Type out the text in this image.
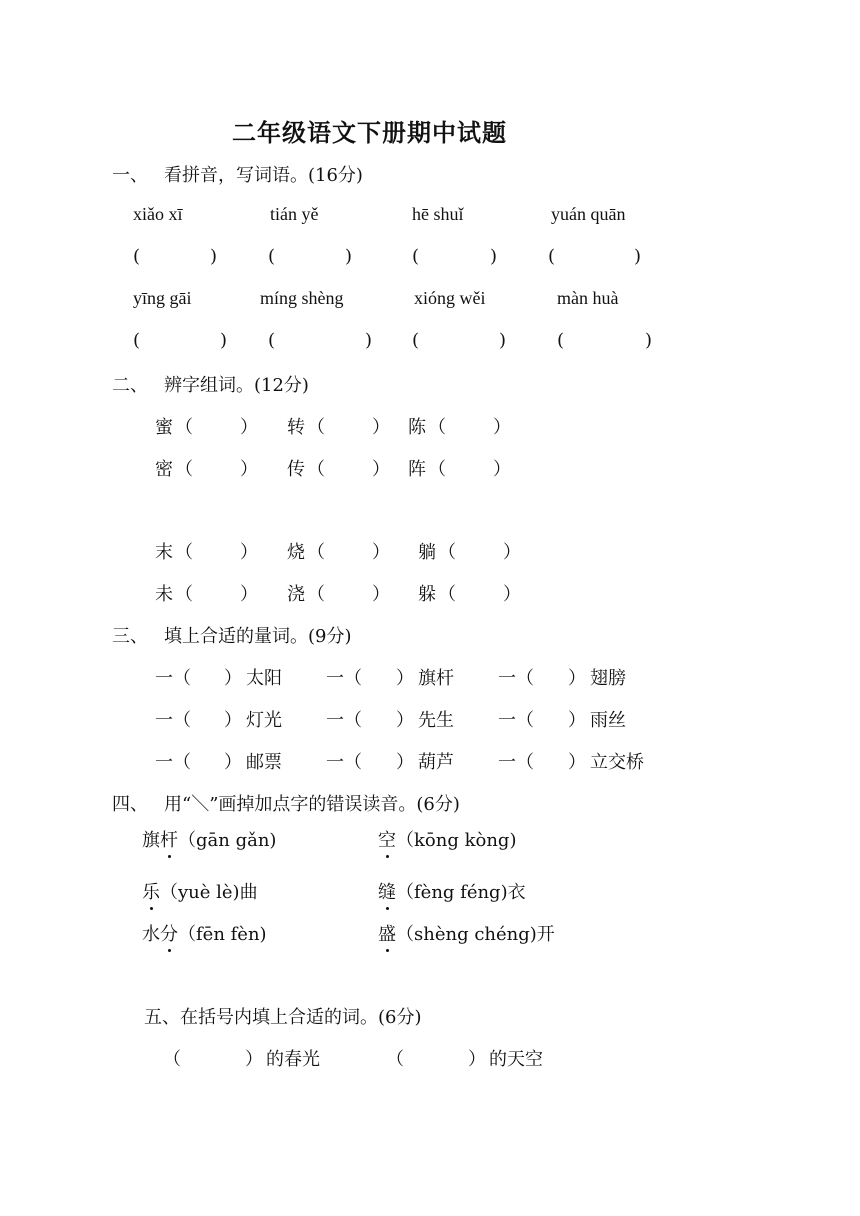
二年级语文下册期中试题
一、 看拼音，写词语。(16分)
xiǎo xī	tián yě	hē shuǐ	yuán quān
(	)	(	)	(	)	(	)
yīng gāi	míng shèng	xióng wěi	màn huà
(	) (	) (	)	(	)
二、 辨字组词。(12分)
蜜 （	） 转 （	） 陈 （	）
密 （	） 传 （	） 阵 （	）
末 （	） 烧 （	） 躺 （	）
未 （	） 浇 （	） 躲 （	）
三、 填上合适的量词。(9分)
一（ ） 太阳 一（ ） 旗杆 一（ ） 翅膀
一（ ） 灯光 一（ ） 先生 一（ ） 雨丝
一（ ） 邮票 一（ ） 葫芦 一（ ） 立交桥
四、 用“＼”画掉加点字的错误读音。(6分)
旗杆（gān gǎn)	空（kōng kòng)
乐（yuè lè)曲	缝（fèng féng)衣
水分（fēn fèn)	盛（shèng chéng)开
五、在括号内填上合适的词。(6分)
（	） 的春光	（	） 的天空
